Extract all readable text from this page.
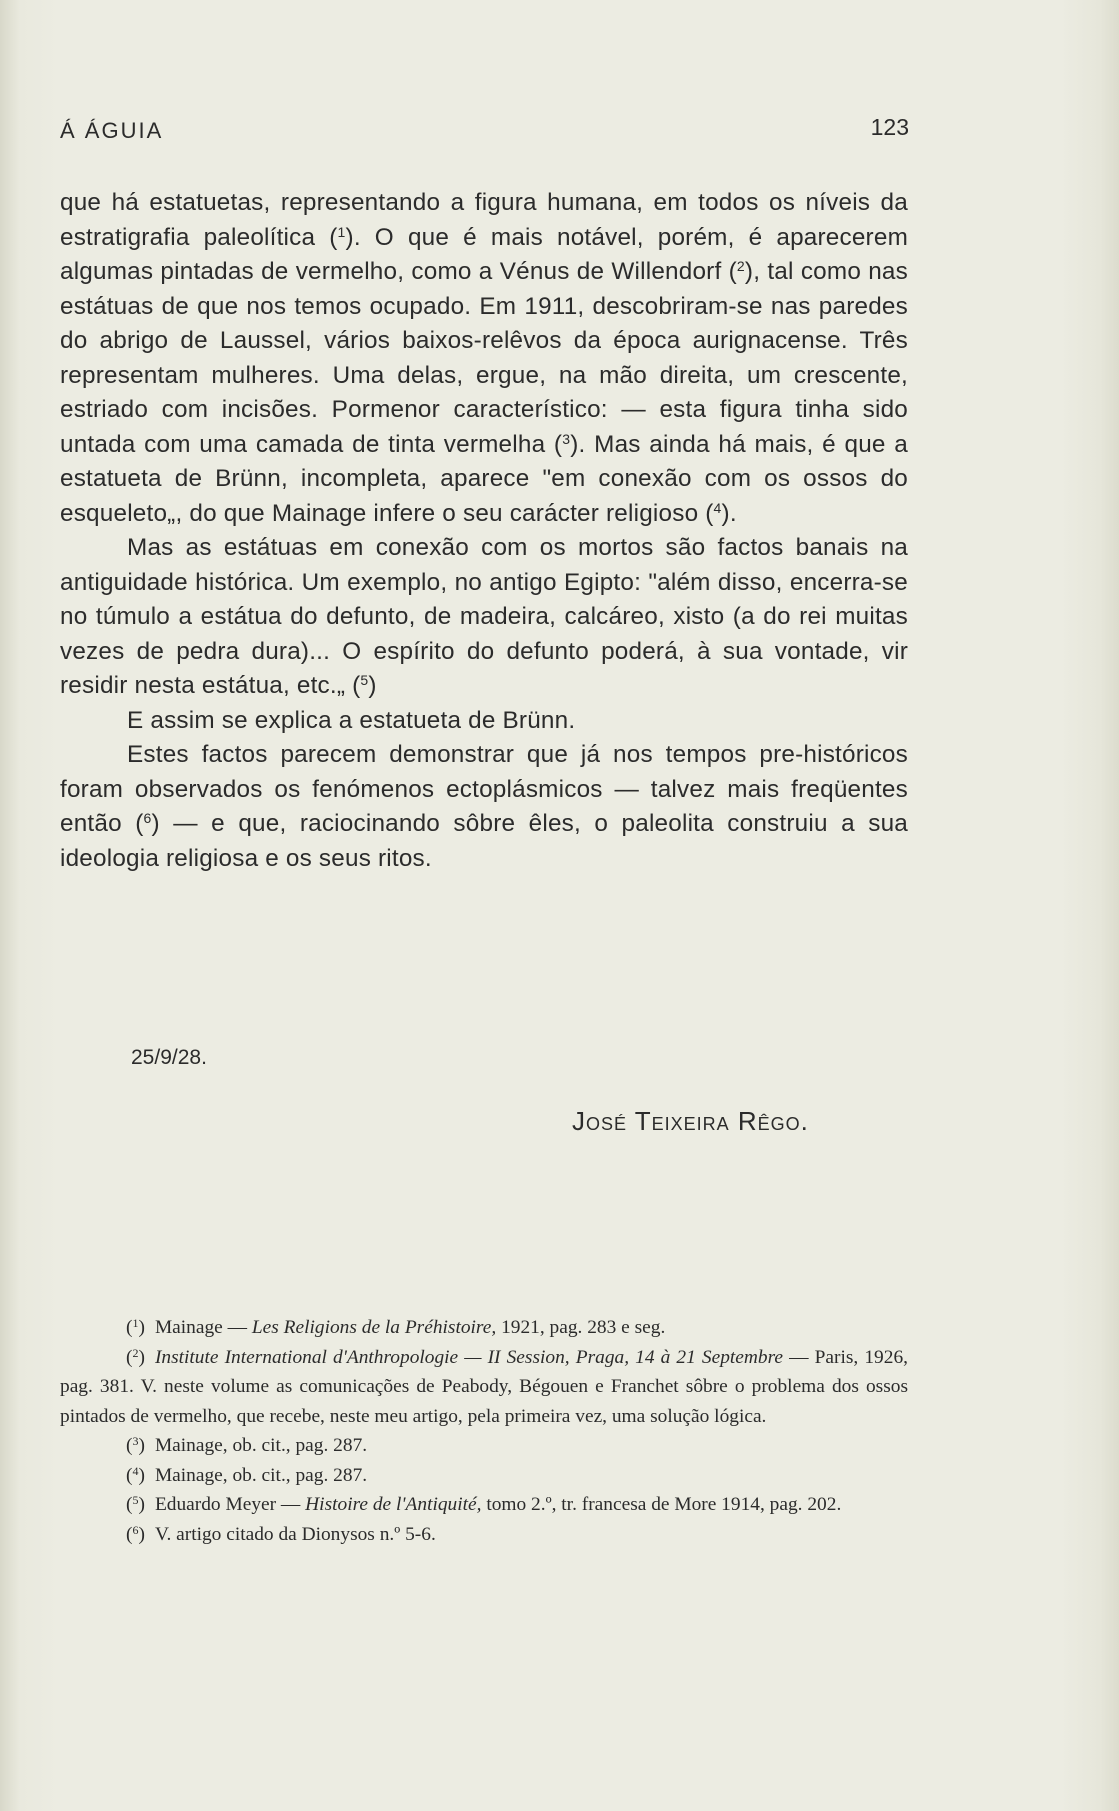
Á ÁGUIA	123

que há estatuetas, representando a figura humana, em todos os níveis da estratigrafia paleolítica ($^1$). O que é mais notável, porém, é aparecerem algumas pintadas de vermelho, como a Vénus de Willendorf ($^2$), tal como nas estátuas de que nos temos ocupado. Em 1911, descobriram-se nas paredes do abrigo de Laussel, vários baixos-relêvos da época aurignacense. Três representam mulheres. Uma delas, ergue, na mão direita, um crescente, estriado com incisões. Pormenor característico: — esta figura tinha sido untada com uma camada de tinta vermelha ($^3$). Mas ainda há mais, é que a estatueta de Brünn, incompleta, aparece "em conexão com os ossos do esqueleto„, do que Mainage infere o seu carácter religioso ($^4$).

Mas as estátuas em conexão com os mortos são factos banais na antiguidade histórica. Um exemplo, no antigo Egipto: "além disso, encerra-se no túmulo a estátua do defunto, de madeira, calcáreo, xisto (a do rei muitas vezes de pedra dura)... O espírito do defunto poderá, à sua vontade, vir residir nesta estátua, etc.„ ($^5$)

E assim se explica a estatueta de Brünn.

Estes factos parecem demonstrar que já nos tempos pre-históricos foram observados os fenómenos ectoplásmicos — talvez mais freqüentes então ($^6$) — e que, raciocinando sôbre êles, o paleolita construiu a sua ideologia religiosa e os seus ritos.

25/9/28.
José Teixeira Rêgo.

($^1$) Mainage — Les Religions de la Préhistoire, 1921, pag. 283 e seg.

($^2$) Institute International d'Anthropologie — II Session, Praga, 14 à 21 Septembre — Paris, 1926, pag. 381. V. neste volume as comunicações de Peabody, Bégouen e Franchet sôbre o problema dos ossos pintados de vermelho, que recebe, neste meu artigo, pela primeira vez, uma solução lógica.

($^3$) Mainage, ob. cit., pag. 287.

($^4$) Mainage, ob. cit., pag. 287.

($^5$) Eduardo Meyer — Histoire de l'Antiquité, tomo 2.º, tr. francesa de More 1914, pag. 202.

($^6$) V. artigo citado da Dionysos n.º 5-6.
